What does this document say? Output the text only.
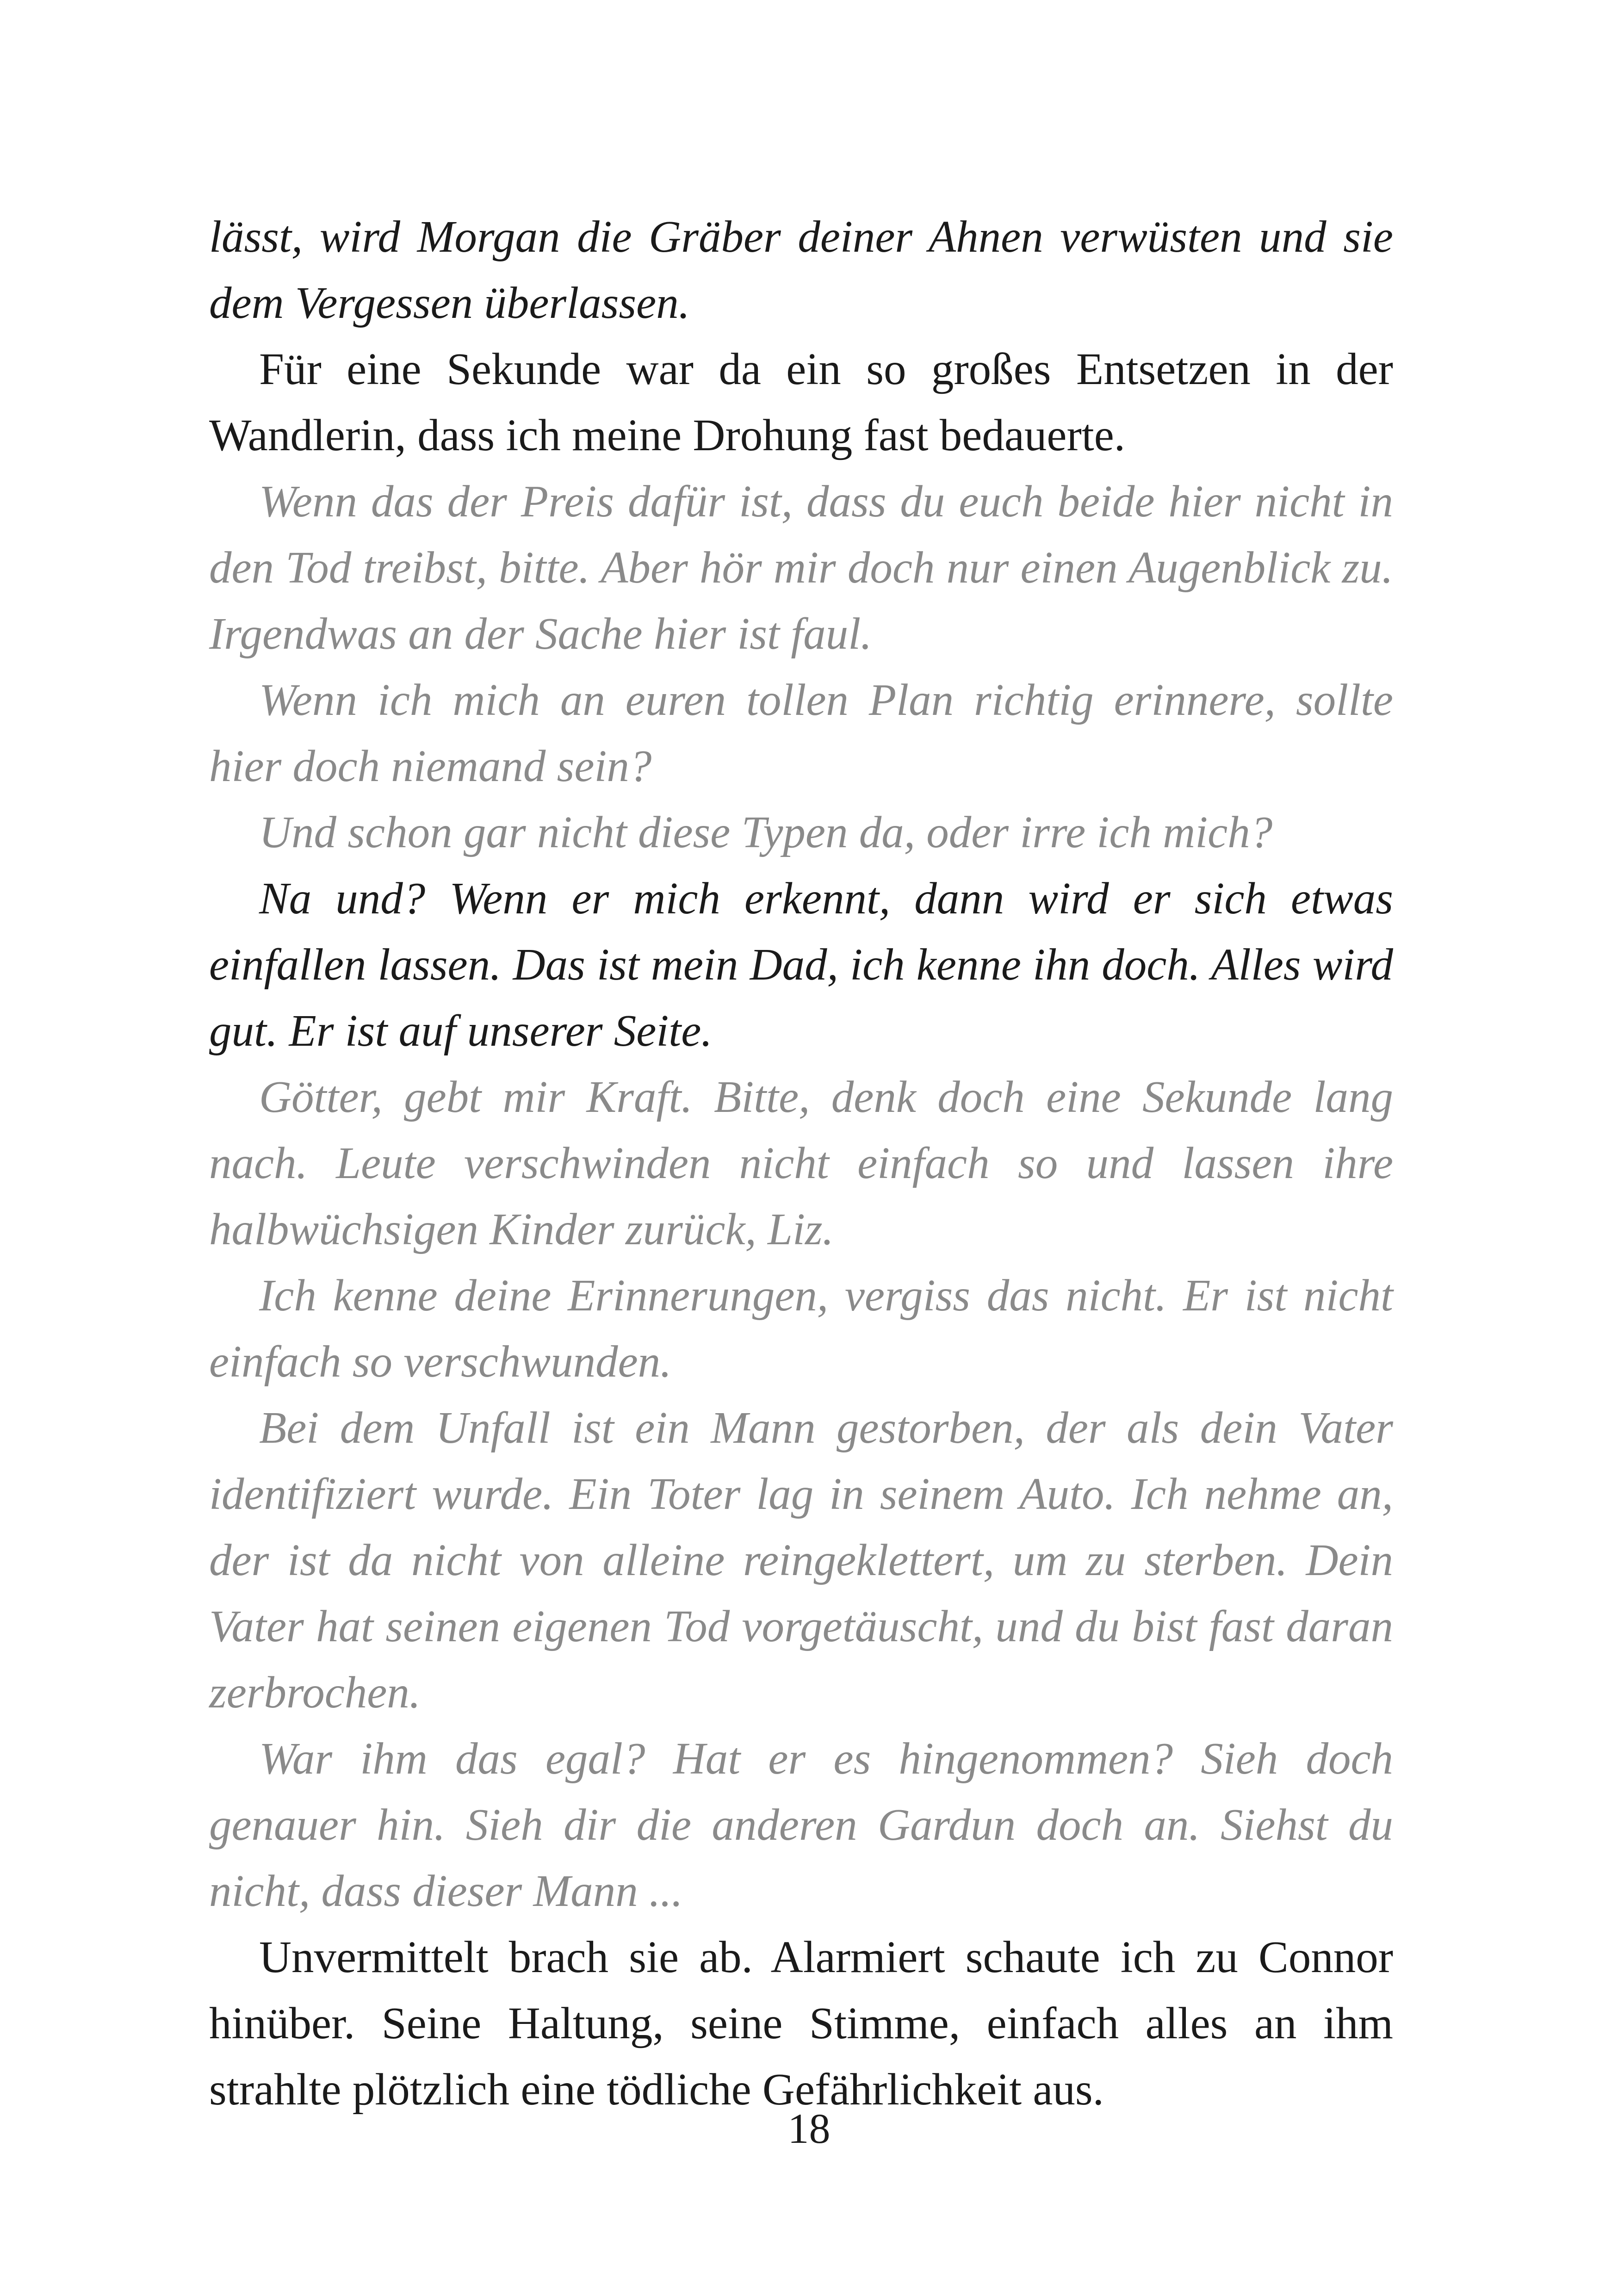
lässt, wird Morgan die Gräber deiner Ahnen verwüsten und sie dem Vergessen überlassen.

Für eine Sekunde war da ein so großes Entsetzen in der Wandlerin, dass ich meine Drohung fast bedauerte.

Wenn das der Preis dafür ist, dass du euch beide hier nicht in den Tod treibst, bitte. Aber hör mir doch nur einen Augenblick zu. Irgendwas an der Sache hier ist faul.

Wenn ich mich an euren tollen Plan richtig erinnere, sollte hier doch niemand sein?

Und schon gar nicht diese Typen da, oder irre ich mich?

Na und? Wenn er mich erkennt, dann wird er sich etwas einfallen lassen. Das ist mein Dad, ich kenne ihn doch. Alles wird gut. Er ist auf unserer Seite.

Götter, gebt mir Kraft. Bitte, denk doch eine Sekunde lang nach. Leute verschwinden nicht einfach so und lassen ihre halbwüchsigen Kinder zurück, Liz.

Ich kenne deine Erinnerungen, vergiss das nicht. Er ist nicht einfach so verschwunden.

Bei dem Unfall ist ein Mann gestorben, der als dein Vater identifiziert wurde. Ein Toter lag in seinem Auto. Ich nehme an, der ist da nicht von alleine reingeklettert, um zu sterben. Dein Vater hat seinen eigenen Tod vorgetäuscht, und du bist fast daran zerbrochen.

War ihm das egal? Hat er es hingenommen? Sieh doch genauer hin. Sieh dir die anderen Gardun doch an. Siehst du nicht, dass dieser Mann ...

Unvermittelt brach sie ab. Alarmiert schaute ich zu Connor hinüber. Seine Haltung, seine Stimme, einfach alles an ihm strahlte plötzlich eine tödliche Gefährlichkeit aus.

18
